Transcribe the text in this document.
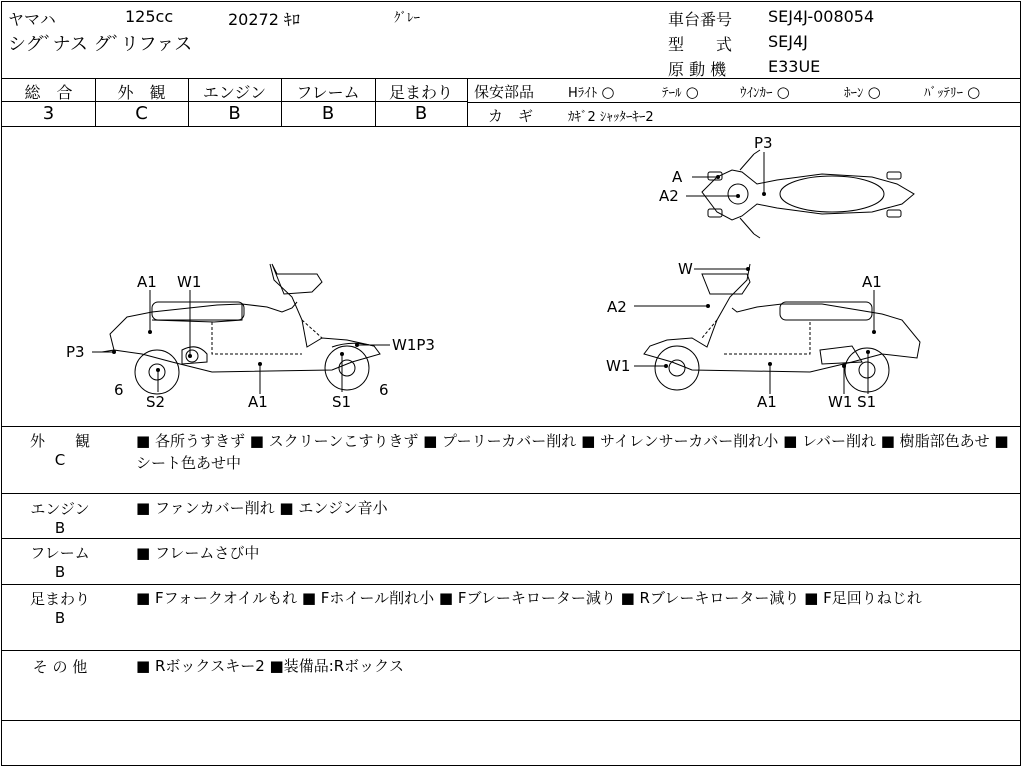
ヤマハ	125cc	20272 ｷﾛ	ｸﾞﾚｰ
シグﾞナス グﾞリファス
車台番号 SEJ4J-008054
型　　式 SEJ4J
原 動 機	E33UE
総　合
3
外　観
C
エンジン
B
フレーム
B
足まわり
B
保安部品	Hﾗｲﾄ ○	ﾃｰﾙ ○	ｳｲﾝｶｰ ○	ﾎｰﾝ ○	ﾊﾞｯﾃﾘｰ ○
カ　ギ	ｶｷﾞ2 ｼｬｯﾀｰｷｰ2
A1 W1
P3	W1P3
6	6
S2	A1	S1
P3
A
A2
W
A1
A2
W1
A1	W1 S1
外　　観
C
■ 各所うすきず ■ スクリーンこすりきず ■ プーリーカバー削れ ■ サイレンサーカバー削れ小 ■ レバー削れ ■ 樹脂部色あせ ■ シート色あせ中
エンジン
B
■ ファンカバー削れ ■ エンジン音小
フレーム
B
■ フレームさび中
足まわり
B
■ Fフォークオイルもれ ■ Fホイール削れ小 ■ Fブレーキローター減り ■ Rブレーキローター減り ■ F足回りねじれ
そ の 他	■ Rボックスキー2 ■装備品:Rボックス
